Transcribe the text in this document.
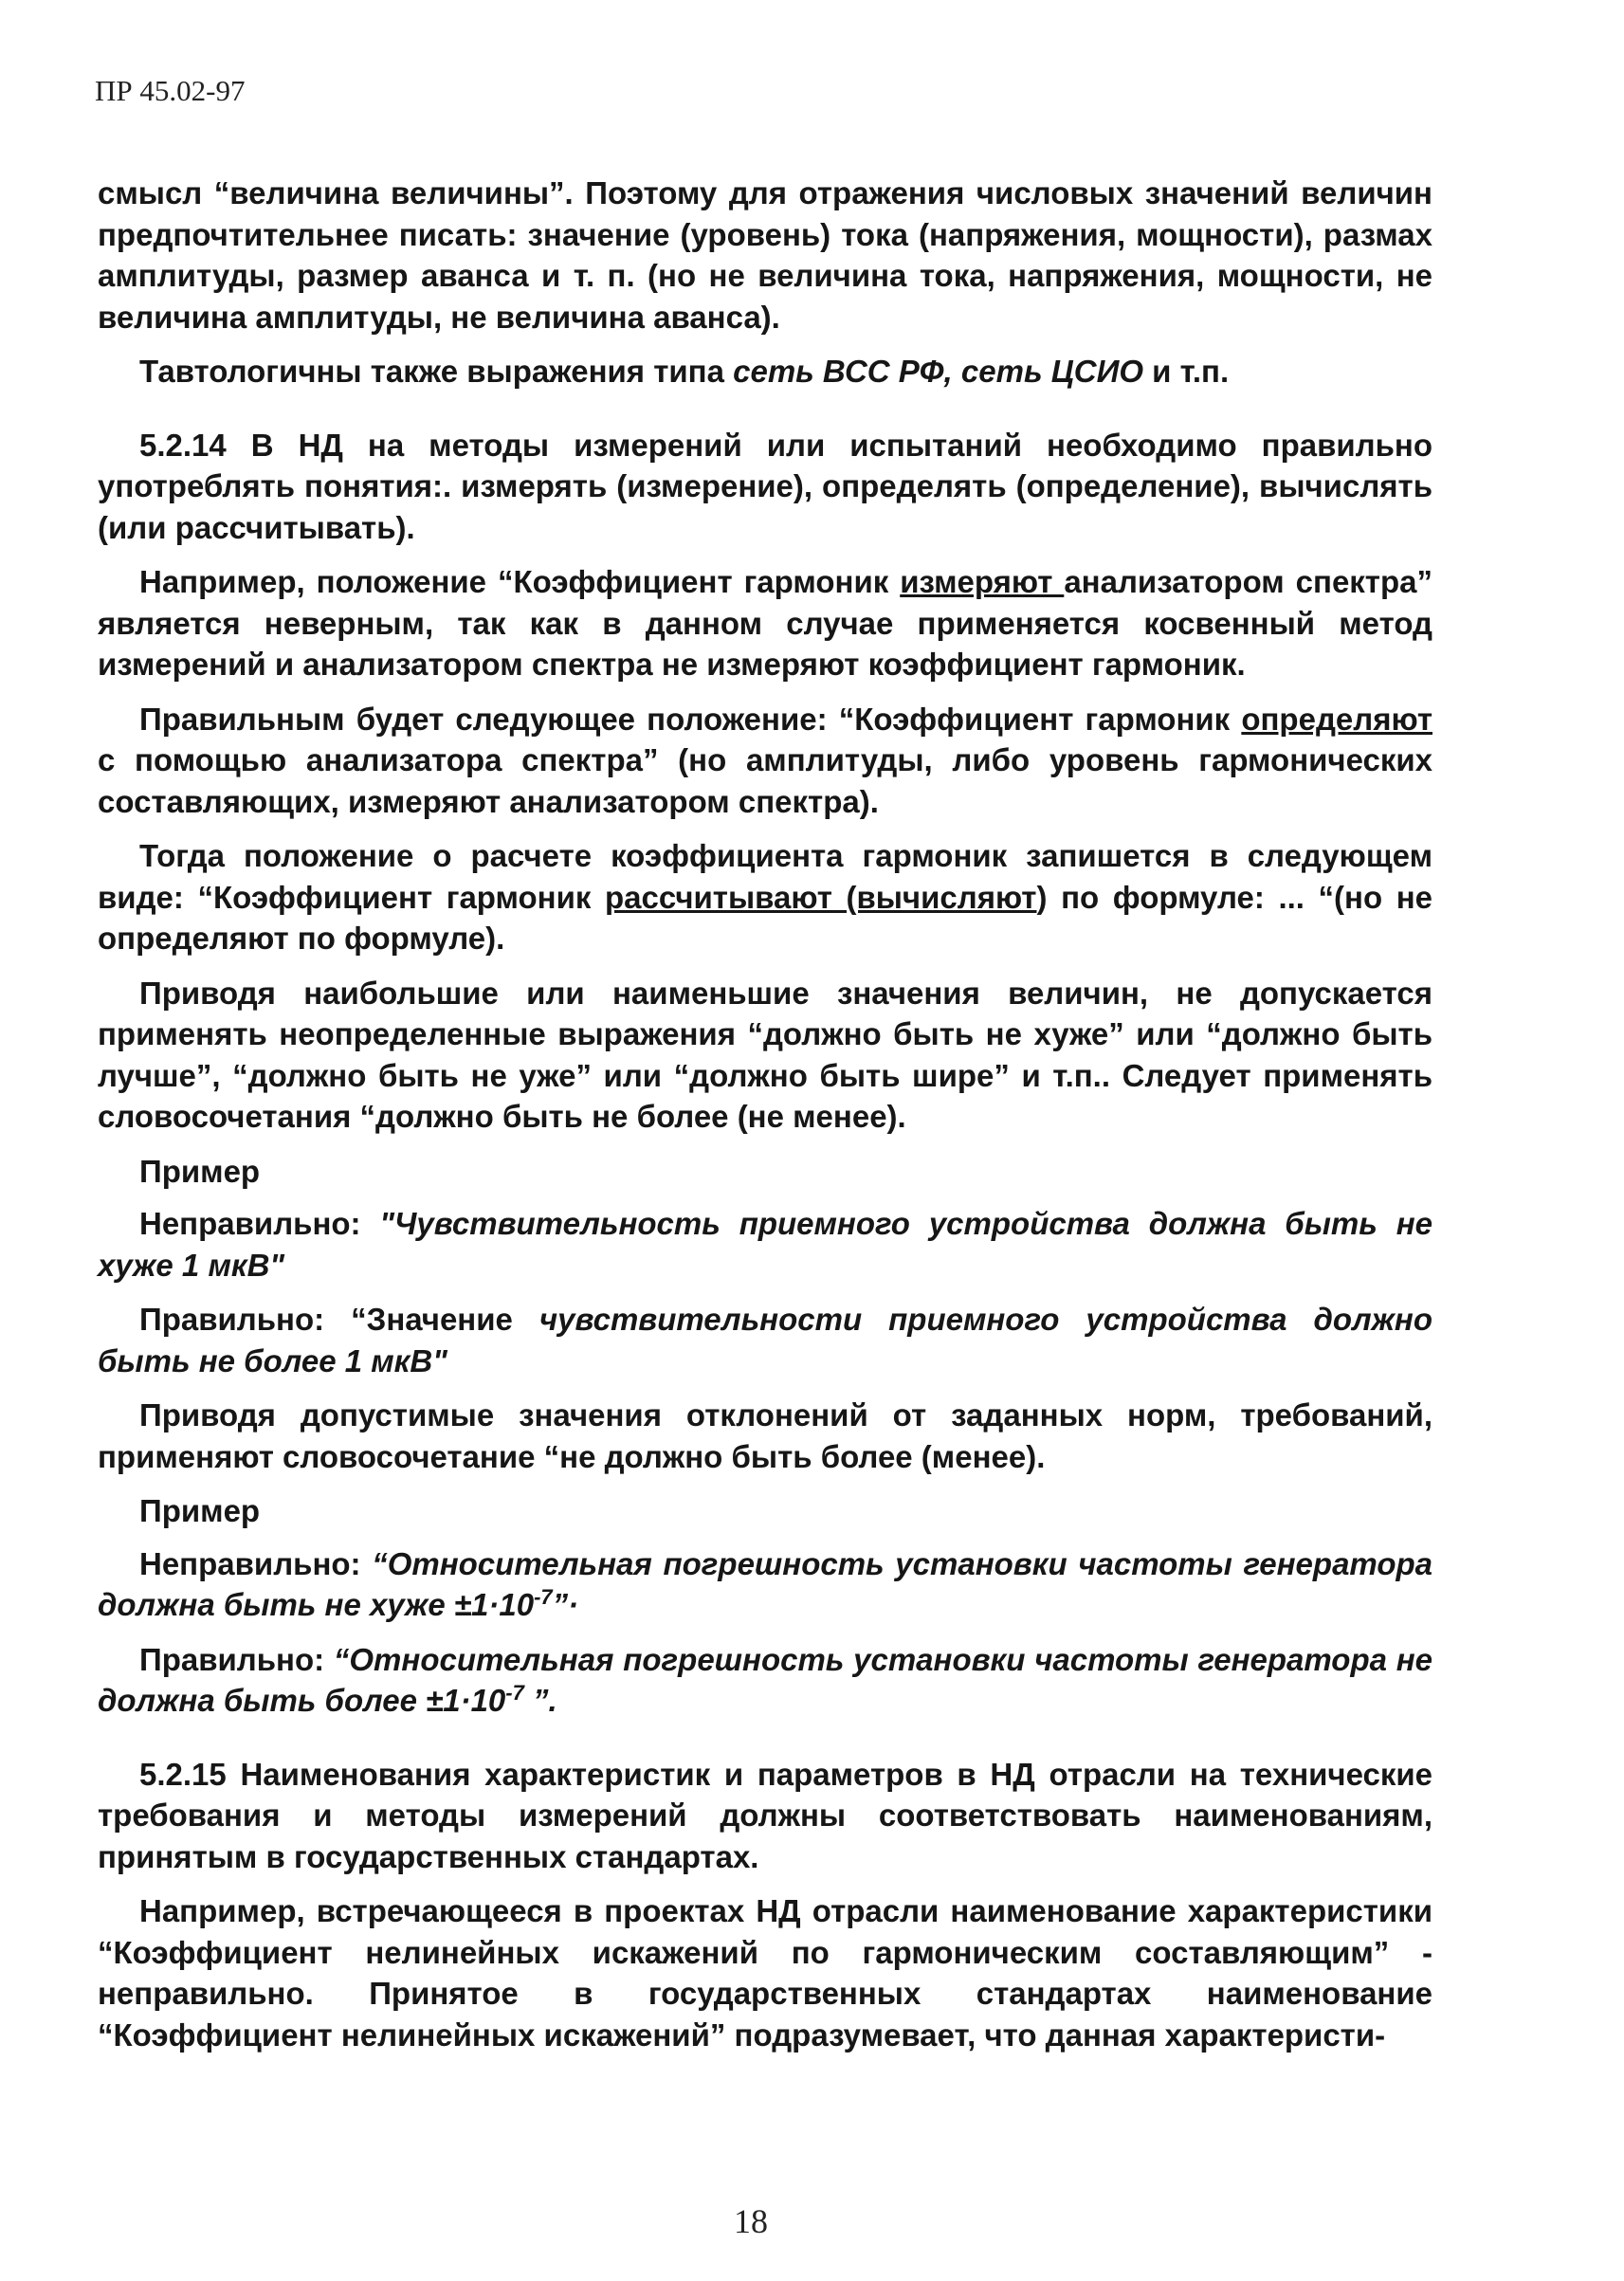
ПР 45.02-97

смысл “величина величины”. Поэтому для отражения числовых значений величин предпочтительнее писать: значение (уровень) тока (напряжения, мощности), размах амплитуды, размер аванса и т. п. (но не величина тока, напряжения, мощности, не величина амплитуды, не величина аванса).

Тавтологичны также выражения типа сеть ВСС РФ, сеть ЦСИО и т.п.

5.2.14 В НД на методы измерений или испытаний необходимо правильно употреблять понятия:. измерять (измерение), определять (определение), вычислять (или рассчитывать).

Например, положение “Коэффициент гармоник измеряют анализатором спектра” является неверным, так как в данном случае применяется косвенный метод измерений и анализатором спектра не измеряют коэффициент гармоник.

Правильным будет следующее положение: “Коэффициент гармоник определяют с помощью анализатора спектра” (но амплитуды, либо уровень гармонических составляющих, измеряют анализатором спектра).

Тогда положение о расчете коэффициента гармоник запишется в следующем виде: “Коэффициент гармоник рассчитывают (вычисляют) по формуле: ... “(но не определяют по формуле).

Приводя наибольшие или наименьшие значения величин, не допускается применять неопределенные выражения “должно быть не хуже” или “должно быть лучше”, “должно быть не уже” или “должно быть шире” и т.п.. Следует применять словосочетания “должно быть не более (не менее).

Пример

Неправильно: "Чувствительность приемного устройства должна быть не хуже 1 мкВ"

Правильно: “Значение чувствительности приемного устройства должно быть не более 1 мкВ"

Приводя допустимые значения отклонений от заданных норм, требований, применяют словосочетание “не должно быть более (менее).

Пример

Неправильно: “Относительная погрешность установки частоты генератора должна быть не хуже $\pm 1\cdot 10^{-7}”\cdot$

Правильно: “Относительная погрешность установки частоты генератора не должна быть более $\pm 1\cdot 10^{-7}$ ”.

5.2.15 Наименования характеристик и параметров в НД отрасли на технические требования и методы измерений должны соответствовать наименованиям, принятым в государственных стандартах.

Например, встречающееся в проектах НД отрасли наименование характеристики “Коэффициент нелинейных искажений по гармоническим составляющим” - неправильно. Принятое в государственных стандартах наименование “Коэффициент нелинейных искажений” подразумевает, что данная характеристи-

18
